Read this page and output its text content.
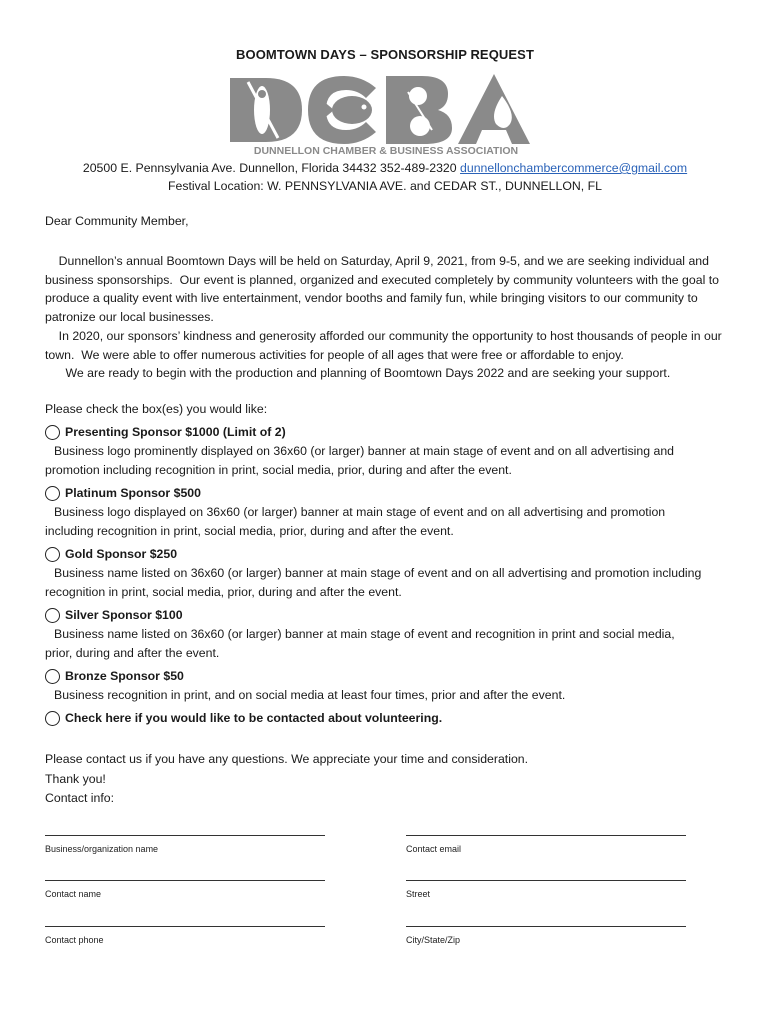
BOOMTOWN DAYS – SPONSORSHIP REQUEST
DUNNELLON CHAMBER & BUSINESS ASSOCIATION
20500 E. Pennsylvania Ave. Dunnellon, Florida 34432 352-489-2320 dunnellonchambercommerce@gmail.com
Festival Location: W. PENNSYLVANIA AVE. and CEDAR ST., DUNNELLON, FL
Dear Community Member,

Dunnellon’s annual Boomtown Days will be held on Saturday, April 9, 2021, from 9-5, and we are seeking individual and business sponsorships.  Our event is planned, organized and executed completely by community volunteers with the goal to produce a quality event with live entertainment, vendor booths and family fun, while bringing visitors to our community to patronize our local businesses.

In 2020, our sponsors’ kindness and generosity afforded our community the opportunity to host thousands of people in our town.  We were able to offer numerous activities for people of all ages that were free or affordable to enjoy.

We are ready to begin with the production and planning of Boomtown Days 2022 and are seeking your support.

Please check the box(es) you would like:
Presenting Sponsor $1000 (Limit of 2)
Business logo prominently displayed on 36x60 (or larger) banner at main stage of event and on all advertising and
promotion including recognition in print, social media, prior, during and after the event.
Platinum Sponsor $500
Business logo displayed on 36x60 (or larger) banner at main stage of event and on all advertising and promotion
including recognition in print, social media, prior, during and after the event.
Gold Sponsor $250
Business name listed on 36x60 (or larger) banner at main stage of event and on all advertising and promotion including
recognition in print, social media, prior, during and after the event.
Silver Sponsor $100
Business name listed on 36x60 (or larger) banner at main stage of event and recognition in print and social media,
prior, during and after the event.
Bronze Sponsor $50
Business recognition in print, and on social media at least four times, prior and after the event.
Check here if you would like to be contacted about volunteering.
Please contact us if you have any questions. We appreciate your time and consideration.
Thank you!
Contact info:
Business/organization name	Contact email
Contact name	Street
Contact phone	City/State/Zip
